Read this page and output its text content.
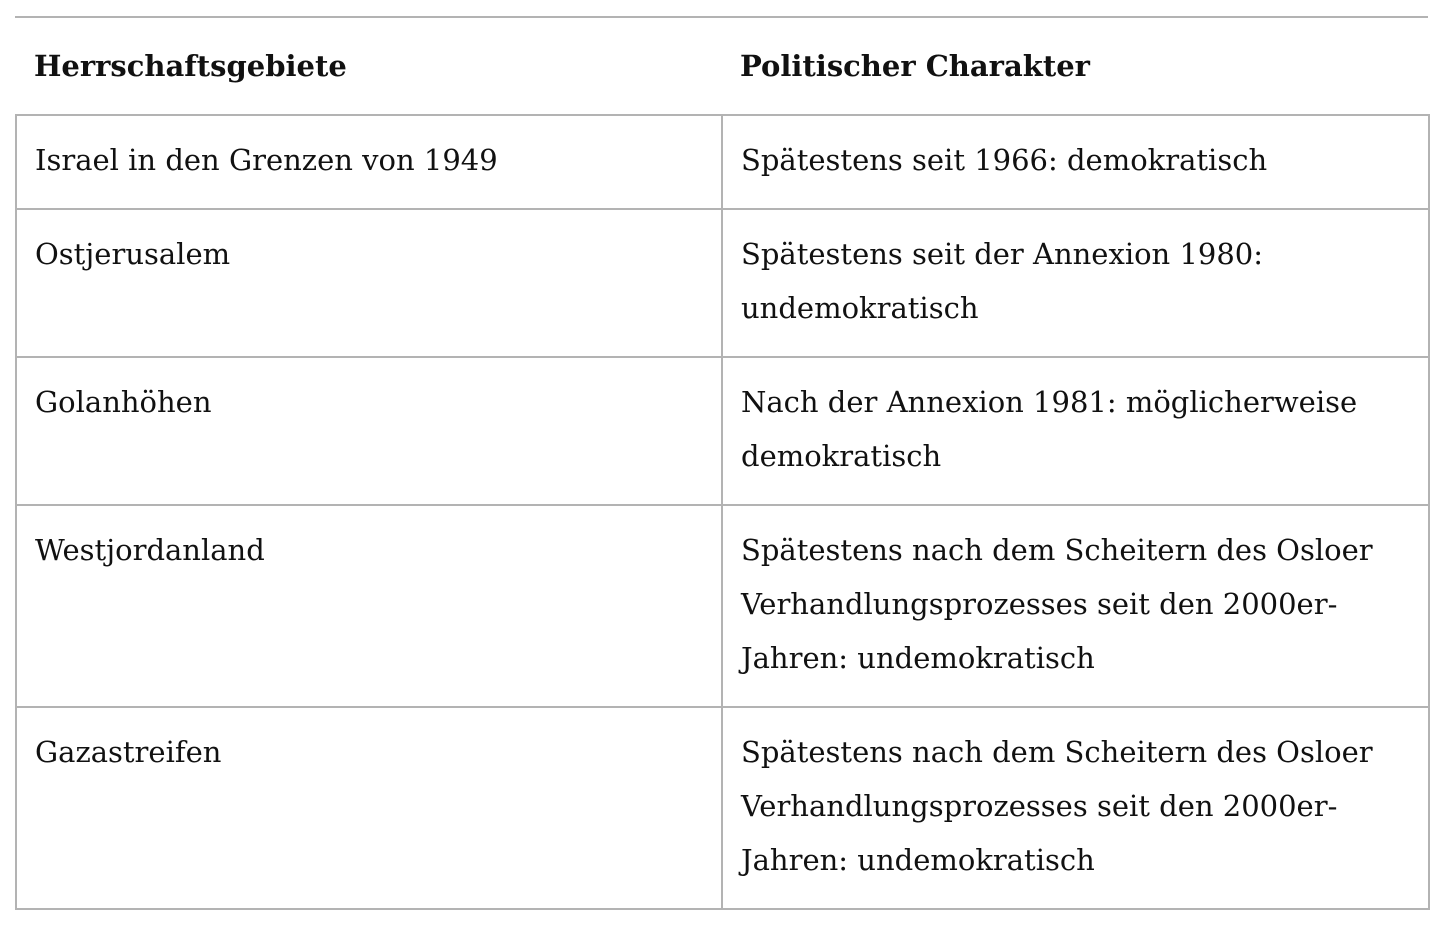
Herrschaftsgebiete	Politischer Charakter
Israel in den Grenzen von 1949	Spätestens seit 1966: demokratisch
Ostjerusalem	Spätestens seit der Annexion 1980: undemokratisch
Golanhöhen	Nach der Annexion 1981: möglicherweise demokratisch
Westjordanland	Spätestens nach dem Scheitern des Osloer Verhandlungsprozesses seit den 2000er-Jahren: undemokratisch
Gazastreifen	Spätestens nach dem Scheitern des Osloer Verhandlungsprozesses seit den 2000er-Jahren: undemokratisch
